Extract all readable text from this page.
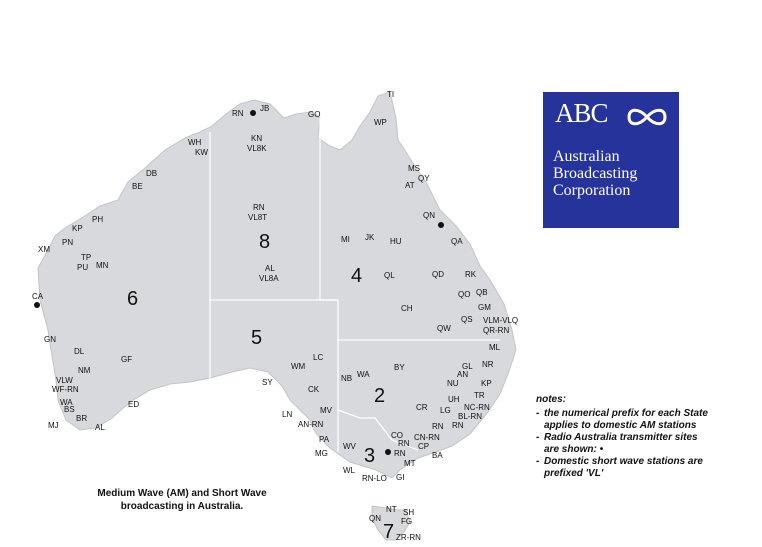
8
4
6
5
2
3
7
TI
WP
RN
JB
GO
KN
VL8K
WH
KW
DB
BE
MS
QY
AT
RN
VL8T	QN
PH
KP
XM
PN
TP
PU MN
MI JK HU	QA
AL
VL8A	QL	QD	RK
CA	QO QB
GM
CH
QS VLM-VLQ
QR-RN
GN
QW
ML
DL
GF
WM
LC
NR
GL
NM
NB WA
BY
AN
VLW
WF-RN
SY
CK
NU	KP
TR
WA	ED
UH
NC-RN
BS
LN	MV	CR LG
BL-RN
BR
MJ	AL	AN-RN	RN RN
CO CN-RN
PA	RN CP
MG
WV
RN	BA
MT
WL
RN-LO GI
NT SH
QN	FG
ZR-RN
ABC
Australian
Broadcasting
Corporation
Medium Wave (AM) and Short Wave
broadcasting in Australia.
notes:
- the numerical prefix for each State applies to domestic AM stations
- Radio Australia transmitter sites are shown: •
- Domestic short wave stations are prefixed 'VL'
